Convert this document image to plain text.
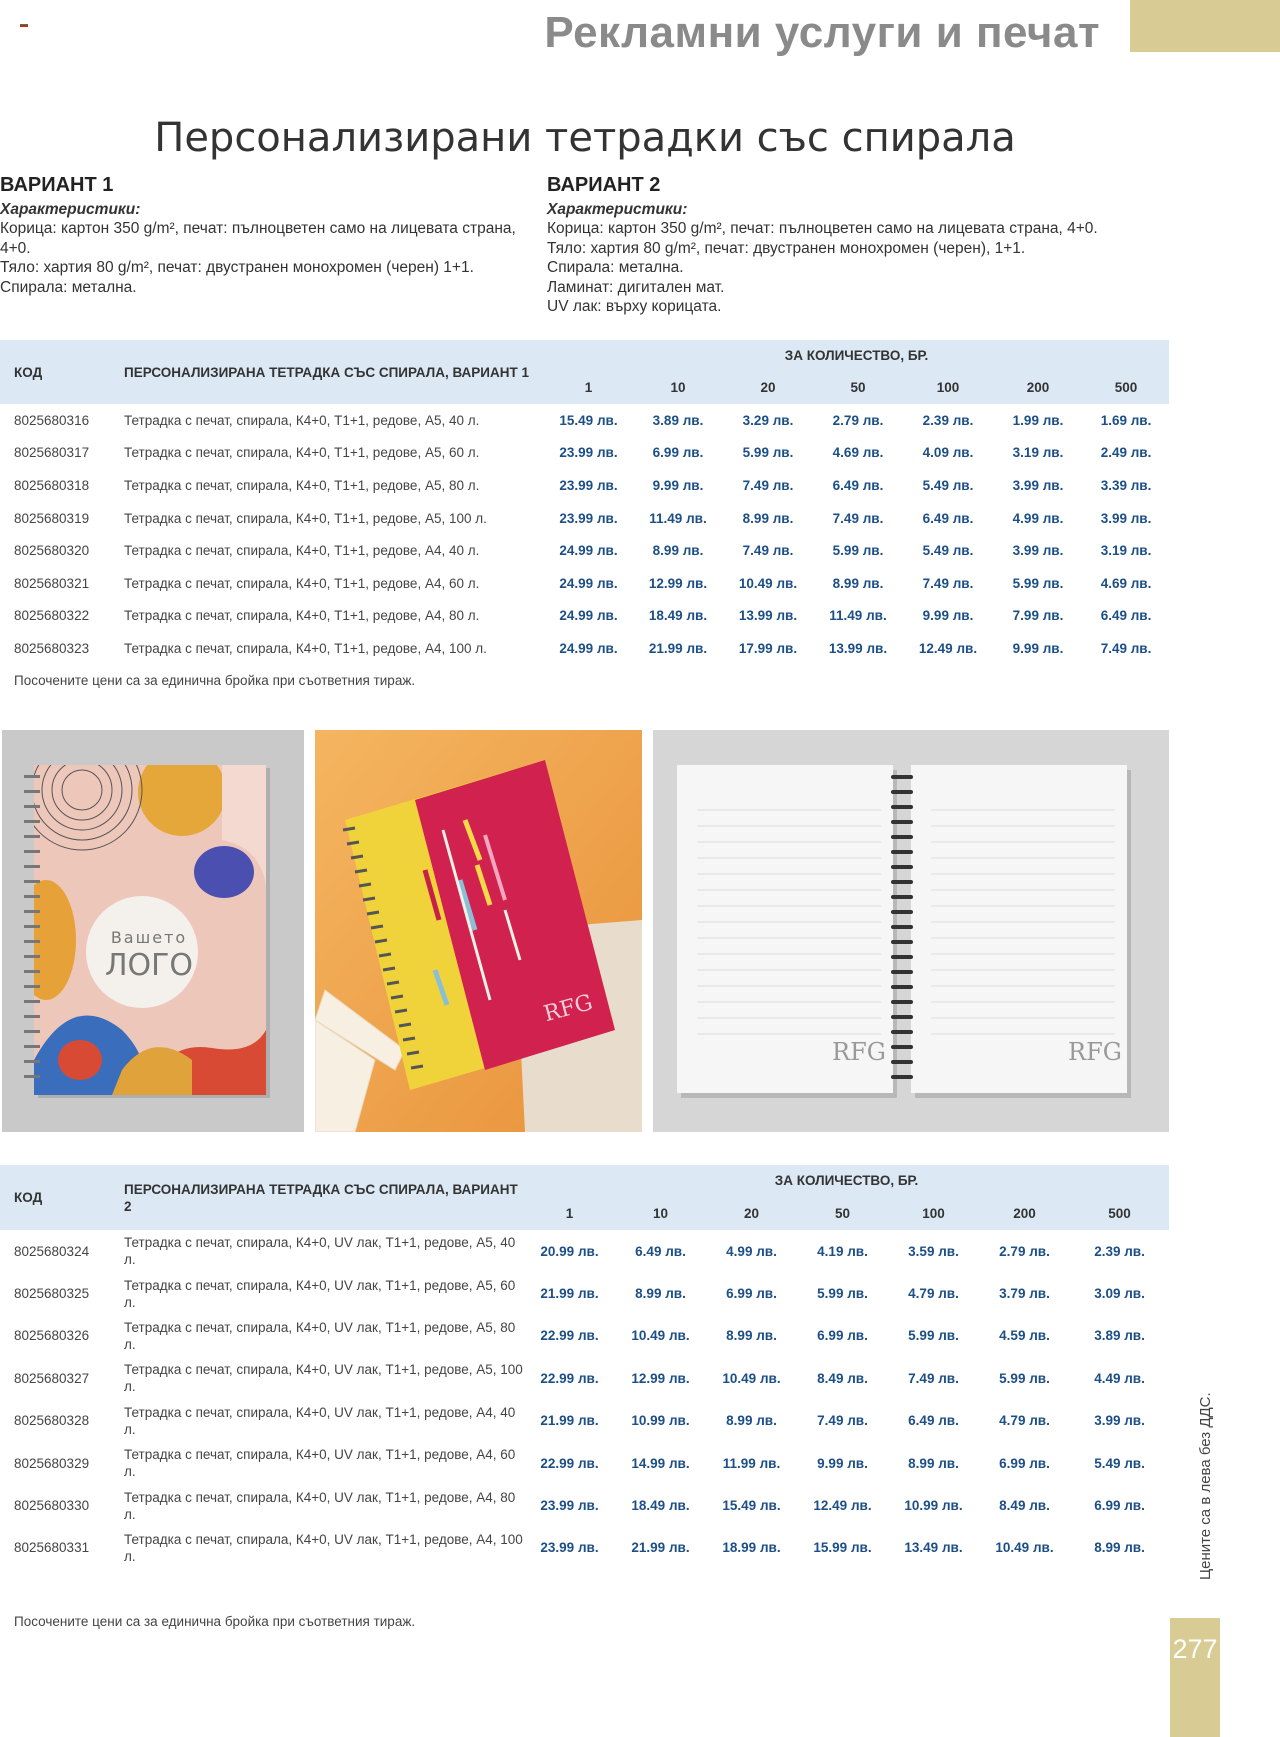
Рекламни услуги и печат
Персонализирани тетрадки със спирала
ВАРИАНТ 1

Характеристики:

Корица: картон 350 g/m², печат: пълноцветен само на лицевата страна, 4+0.

Тяло: хартия 80 g/m², печат: двустранен монохромен (черен) 1+1.

Спирала: метална.

ВАРИАНТ 2

Характеристики:

Корица: картон 350 g/m², печат: пълноцветен само на лицевата страна, 4+0.

Тяло: хартия 80 g/m², печат: двустранен монохромен (черен), 1+1.

Спирала: метална.

Ламинат: дигитален мат.

UV лак: върху корицата.

КОД	ПЕРСОНАЛИЗИРАНА ТЕТРАДКА СЪС СПИРАЛА, ВАРИАНТ 1	ЗА КОЛИЧЕСТВО, БР.						
		1	10	20	50	100	200	500
8025680316	Тетрадка с печат, спирала, К4+0, Т1+1, редове, А5, 40 л.	15.49 лв.	3.89 лв.	3.29 лв.	2.79 лв.	2.39 лв.	1.99 лв.	1.69 лв.
8025680317	Тетрадка с печат, спирала, К4+0, Т1+1, редове, А5, 60 л.	23.99 лв.	6.99 лв.	5.99 лв.	4.69 лв.	4.09 лв.	3.19 лв.	2.49 лв.
8025680318	Тетрадка с печат, спирала, К4+0, Т1+1, редове, А5, 80 л.	23.99 лв.	9.99 лв.	7.49 лв.	6.49 лв.	5.49 лв.	3.99 лв.	3.39 лв.
8025680319	Тетрадка с печат, спирала, К4+0, Т1+1, редове, А5, 100 л.	23.99 лв.	11.49 лв.	8.99 лв.	7.49 лв.	6.49 лв.	4.99 лв.	3.99 лв.
8025680320	Тетрадка с печат, спирала, К4+0, Т1+1, редове, А4, 40 л.	24.99 лв.	8.99 лв.	7.49 лв.	5.99 лв.	5.49 лв.	3.99 лв.	3.19 лв.
8025680321	Тетрадка с печат, спирала, К4+0, Т1+1, редове, А4, 60 л.	24.99 лв.	12.99 лв.	10.49 лв.	8.99 лв.	7.49 лв.	5.99 лв.	4.69 лв.
8025680322	Тетрадка с печат, спирала, К4+0, Т1+1, редове, А4, 80 л.	24.99 лв.	18.49 лв.	13.99 лв.	11.49 лв.	9.99 лв.	7.99 лв.	6.49 лв.
8025680323	Тетрадка с печат, спирала, К4+0, Т1+1, редове, А4, 100 л.	24.99 лв.	21.99 лв.	17.99 лв.	13.99 лв.	12.49 лв.	9.99 лв.	7.49 лв.
Посочените цени са за единична бройка при съответния тираж.
Вашето
ЛОГО
RFG
RFG	RFG
КОД	ПЕРСОНАЛИЗИРАНА ТЕТРАДКА СЪС СПИРАЛА, ВАРИАНТ 2	ЗА КОЛИЧЕСТВО, БР.						
		1	10	20	50	100	200	500
8025680324	Тетрадка с печат, спирала, К4+0, UV лак, Т1+1, редове, А5, 40 л.	20.99 лв.	6.49 лв.	4.99 лв.	4.19 лв.	3.59 лв.	2.79 лв.	2.39 лв.
8025680325	Тетрадка с печат, спирала, К4+0, UV лак, Т1+1, редове, А5, 60 л.	21.99 лв.	8.99 лв.	6.99 лв.	5.99 лв.	4.79 лв.	3.79 лв.	3.09 лв.
8025680326	Тетрадка с печат, спирала, К4+0, UV лак, Т1+1, редове, А5, 80 л.	22.99 лв.	10.49 лв.	8.99 лв.	6.99 лв.	5.99 лв.	4.59 лв.	3.89 лв.
8025680327	Тетрадка с печат, спирала, К4+0, UV лак, Т1+1, редове, А5, 100 л.	22.99 лв.	12.99 лв.	10.49 лв.	8.49 лв.	7.49 лв.	5.99 лв.	4.49 лв.
8025680328	Тетрадка с печат, спирала, К4+0, UV лак, Т1+1, редове, А4, 40 л.	21.99 лв.	10.99 лв.	8.99 лв.	7.49 лв.	6.49 лв.	4.79 лв.	3.99 лв.
8025680329	Тетрадка с печат, спирала, К4+0, UV лак, Т1+1, редове, А4, 60 л.	22.99 лв.	14.99 лв.	11.99 лв.	9.99 лв.	8.99 лв.	6.99 лв.	5.49 лв.
8025680330	Тетрадка с печат, спирала, К4+0, UV лак, Т1+1, редове, А4, 80 л.	23.99 лв.	18.49 лв.	15.49 лв.	12.49 лв.	10.99 лв.	8.49 лв.	6.99 лв.
8025680331	Тетрадка с печат, спирала, К4+0, UV лак, Т1+1, редове, А4, 100 л.	23.99 лв.	21.99 лв.	18.99 лв.	15.99 лв.	13.49 лв.	10.49 лв.	8.99 лв.
Посочените цени са за единична бройка при съответния тираж.
Цените са в лева без ДДС.
277
